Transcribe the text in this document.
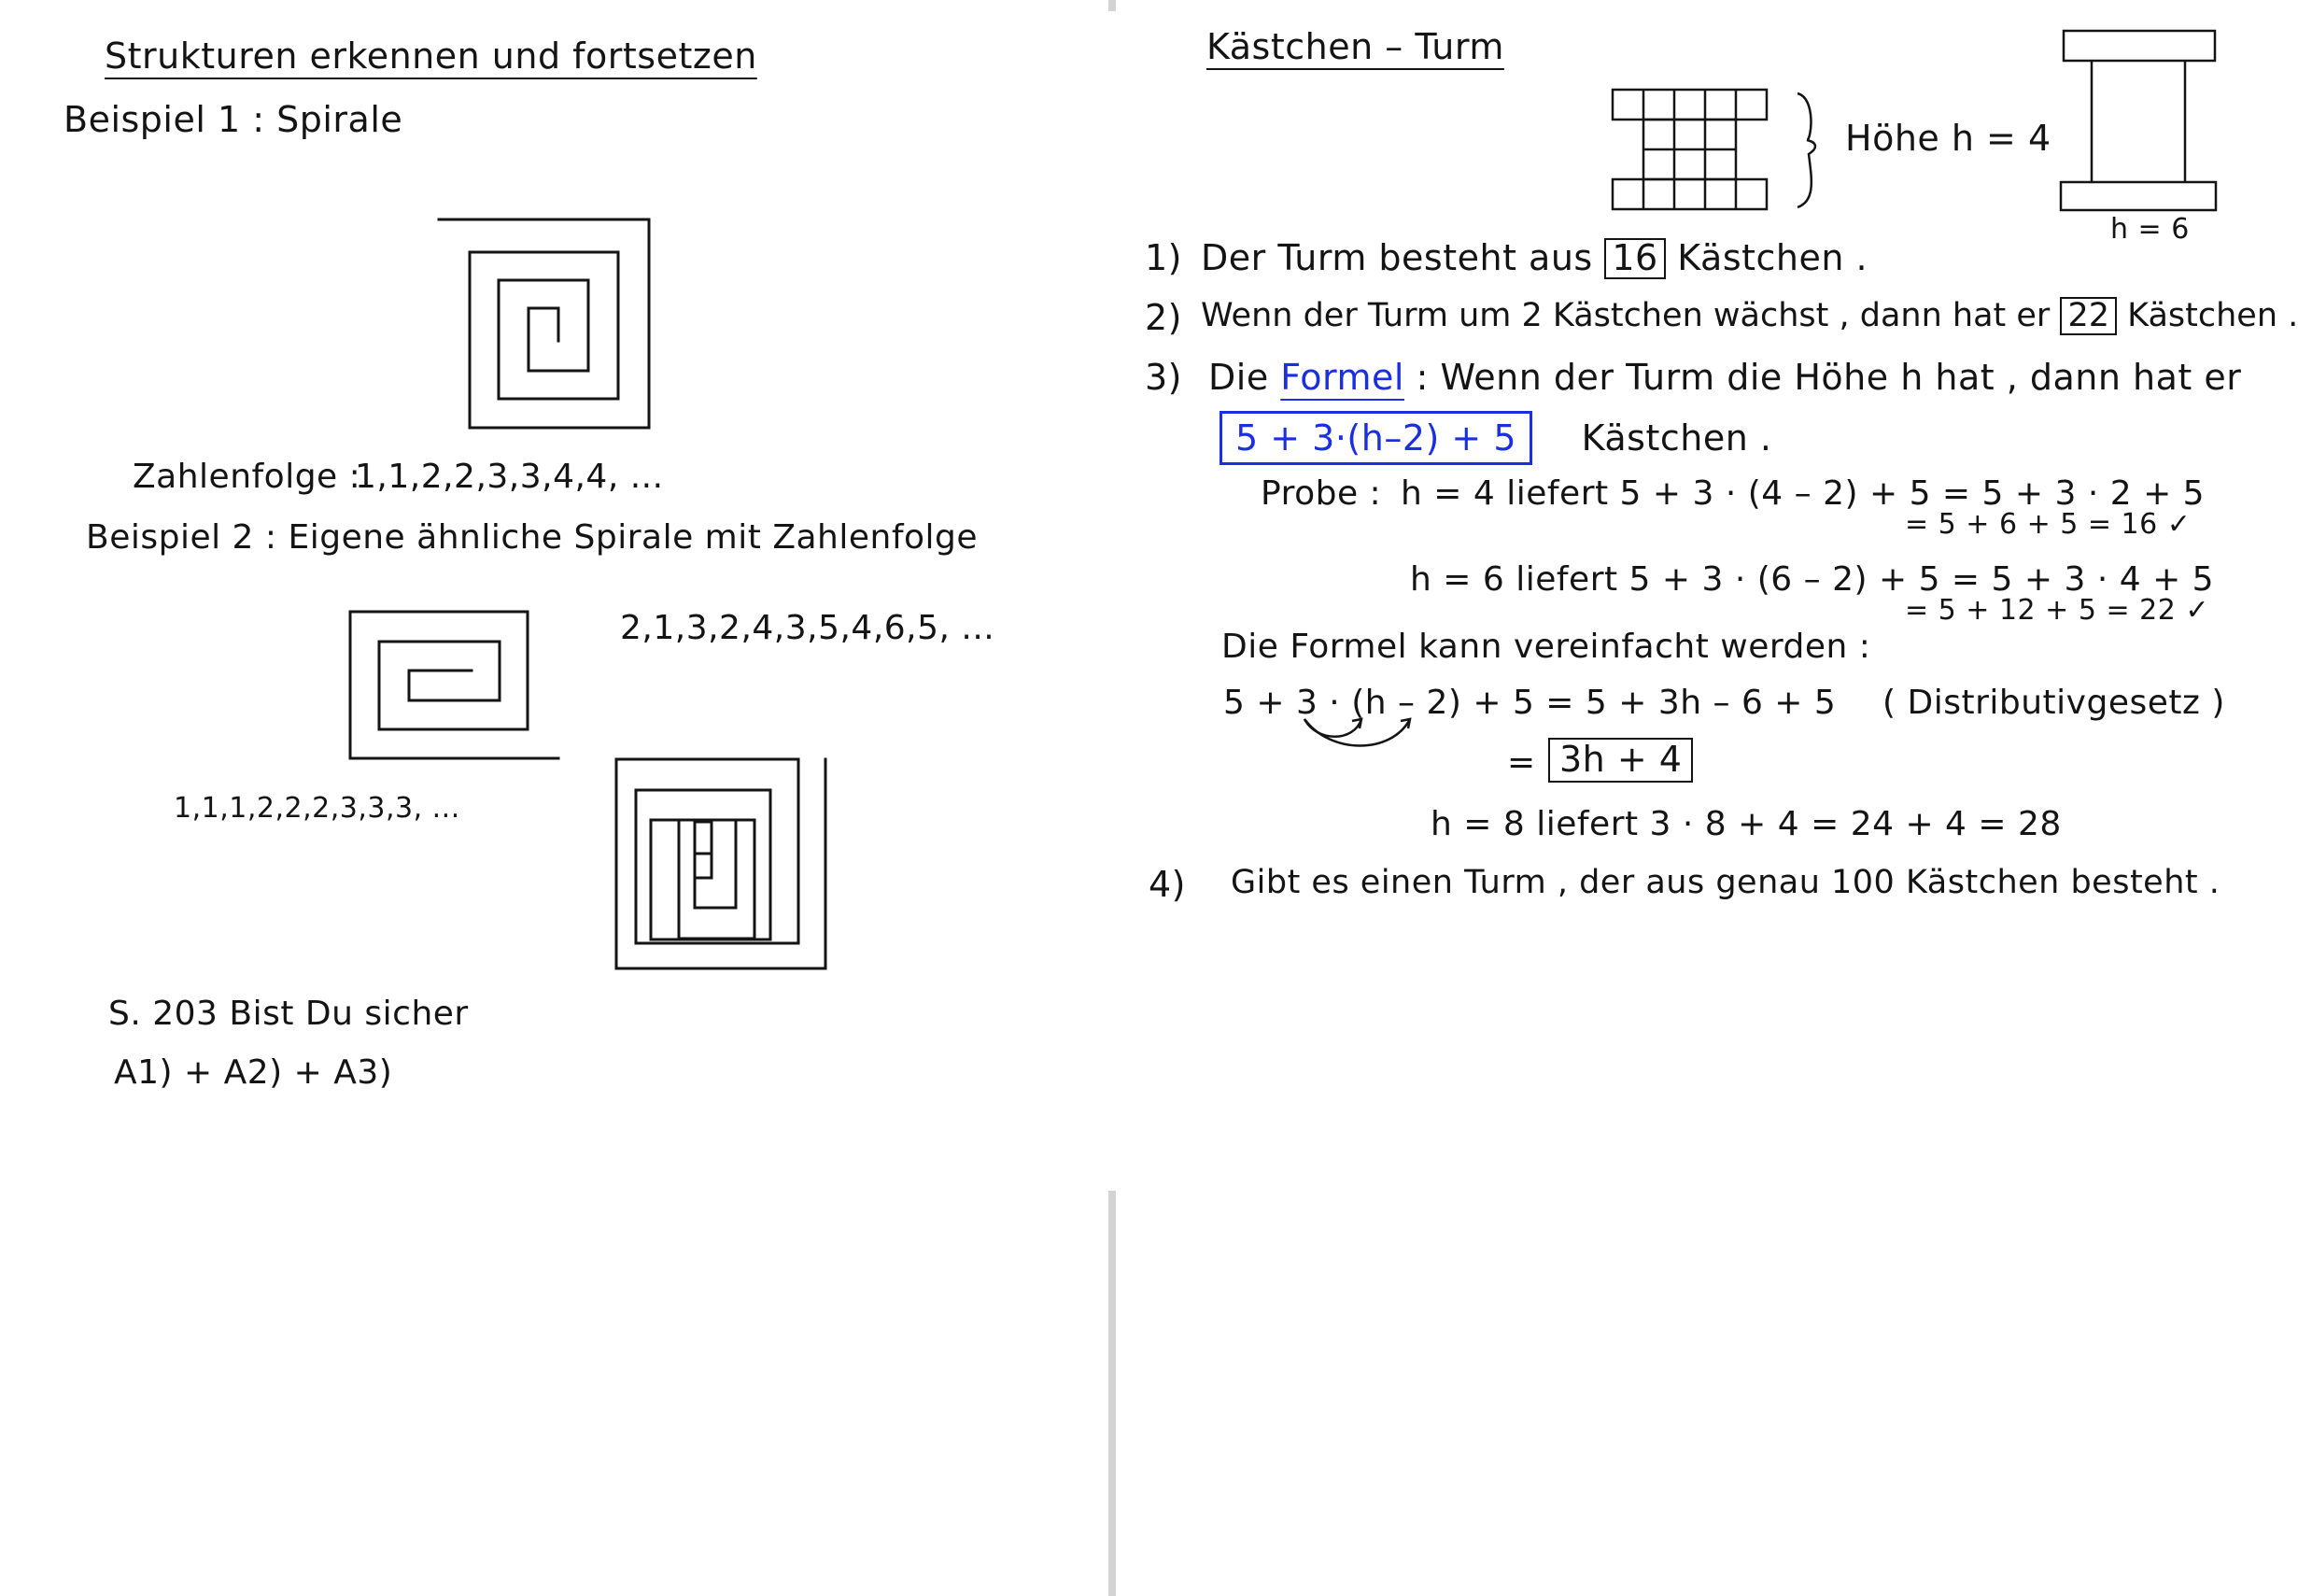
Strukturen erkennen und fortsetzen
Beispiel 1 : Spirale
Zahlenfolge :
1,1,2,2,3,3,4,4, ...
Beispiel 2 : Eigene ähnliche Spirale mit Zahlenfolge
2,1,3,2,4,3,5,4,6,5, ...
1,1,1,2,2,2,3,3,3, ...
S. 203 Bist Du sicher
A1) + A2) + A3)
Kästchen – Turm
Höhe h = 4
h = 6
1) Der Turm besteht aus 16 Kästchen .
2) Wenn der Turm um 2 Kästchen wächst , dann hat er 22 Kästchen .
3) Die Formel : Wenn der Turm die Höhe h hat , dann hat er
5 + 3·(h–2) + 5 Kästchen .
Probe : h = 4 liefert 5 + 3 · (4 – 2) + 5 = 5 + 3 · 2 + 5
= 5 + 6 + 5 = 16 ✓
h = 6 liefert 5 + 3 · (6 – 2) + 5 = 5 + 3 · 4 + 5
= 5 + 12 + 5 = 22 ✓
Die Formel kann vereinfacht werden :
5 + 3 · (h – 2) + 5 = 5 + 3h – 6 + 5 ( Distributivgesetz )
= 3h + 4
h = 8 liefert 3 · 8 + 4 = 24 + 4 = 28
4) Gibt es einen Turm , der aus genau 100 Kästchen besteht .
